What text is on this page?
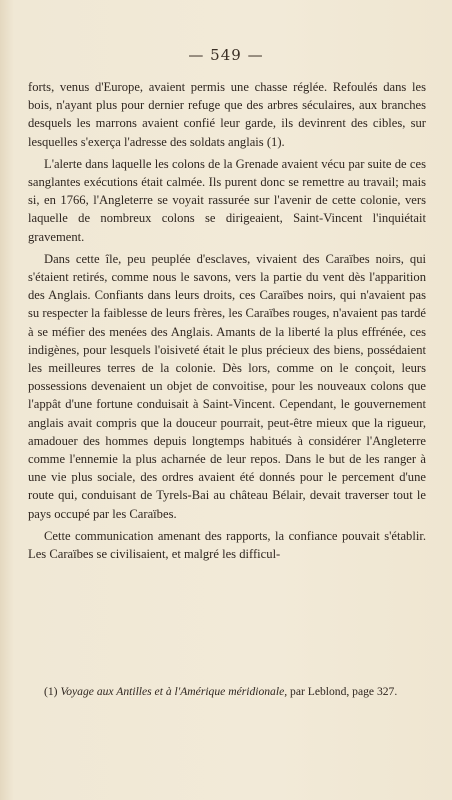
— 549 —

forts, venus d'Europe, avaient permis une chasse réglée. Refoulés dans les bois, n'ayant plus pour dernier refuge que des arbres séculaires, aux branches desquels les marrons avaient confié leur garde, ils devinrent des cibles, sur lesquelles s'exerça l'adresse des soldats anglais (1).

L'alerte dans laquelle les colons de la Grenade avaient vécu par suite de ces sanglantes exécutions était calmée. Ils purent donc se remettre au travail; mais si, en 1766, l'Angleterre se voyait rassurée sur l'avenir de cette colonie, vers laquelle de nombreux colons se dirigeaient, Saint-Vincent l'inquiétait gravement.

Dans cette île, peu peuplée d'esclaves, vivaient des Caraïbes noirs, qui s'étaient retirés, comme nous le savons, vers la partie du vent dès l'apparition des Anglais. Confiants dans leurs droits, ces Caraïbes noirs, qui n'avaient pas su respecter la faiblesse de leurs frères, les Caraïbes rouges, n'avaient pas tardé à se méfier des menées des Anglais. Amants de la liberté la plus effrénée, ces indigènes, pour lesquels l'oisiveté était le plus précieux des biens, possédaient les meilleures terres de la colonie. Dès lors, comme on le conçoit, leurs possessions devenaient un objet de convoitise, pour les nouveaux colons que l'appât d'une fortune conduisait à Saint-Vincent. Cependant, le gouvernement anglais avait compris que la douceur pourrait, peut-être mieux que la rigueur, amadouer des hommes depuis longtemps habitués à considérer l'Angleterre comme l'ennemie la plus acharnée de leur repos. Dans le but de les ranger à une vie plus sociale, des ordres avaient été donnés pour le percement d'une route qui, conduisant de Tyrels-Bai au château Bélair, devait traverser tout le pays occupé par les Caraïbes.

Cette communication amenant des rapports, la confiance pouvait s'établir. Les Caraïbes se civilisaient, et malgré les difficul-

(1) Voyage aux Antilles et à l'Amérique méridionale, par Leblond, page 327.
